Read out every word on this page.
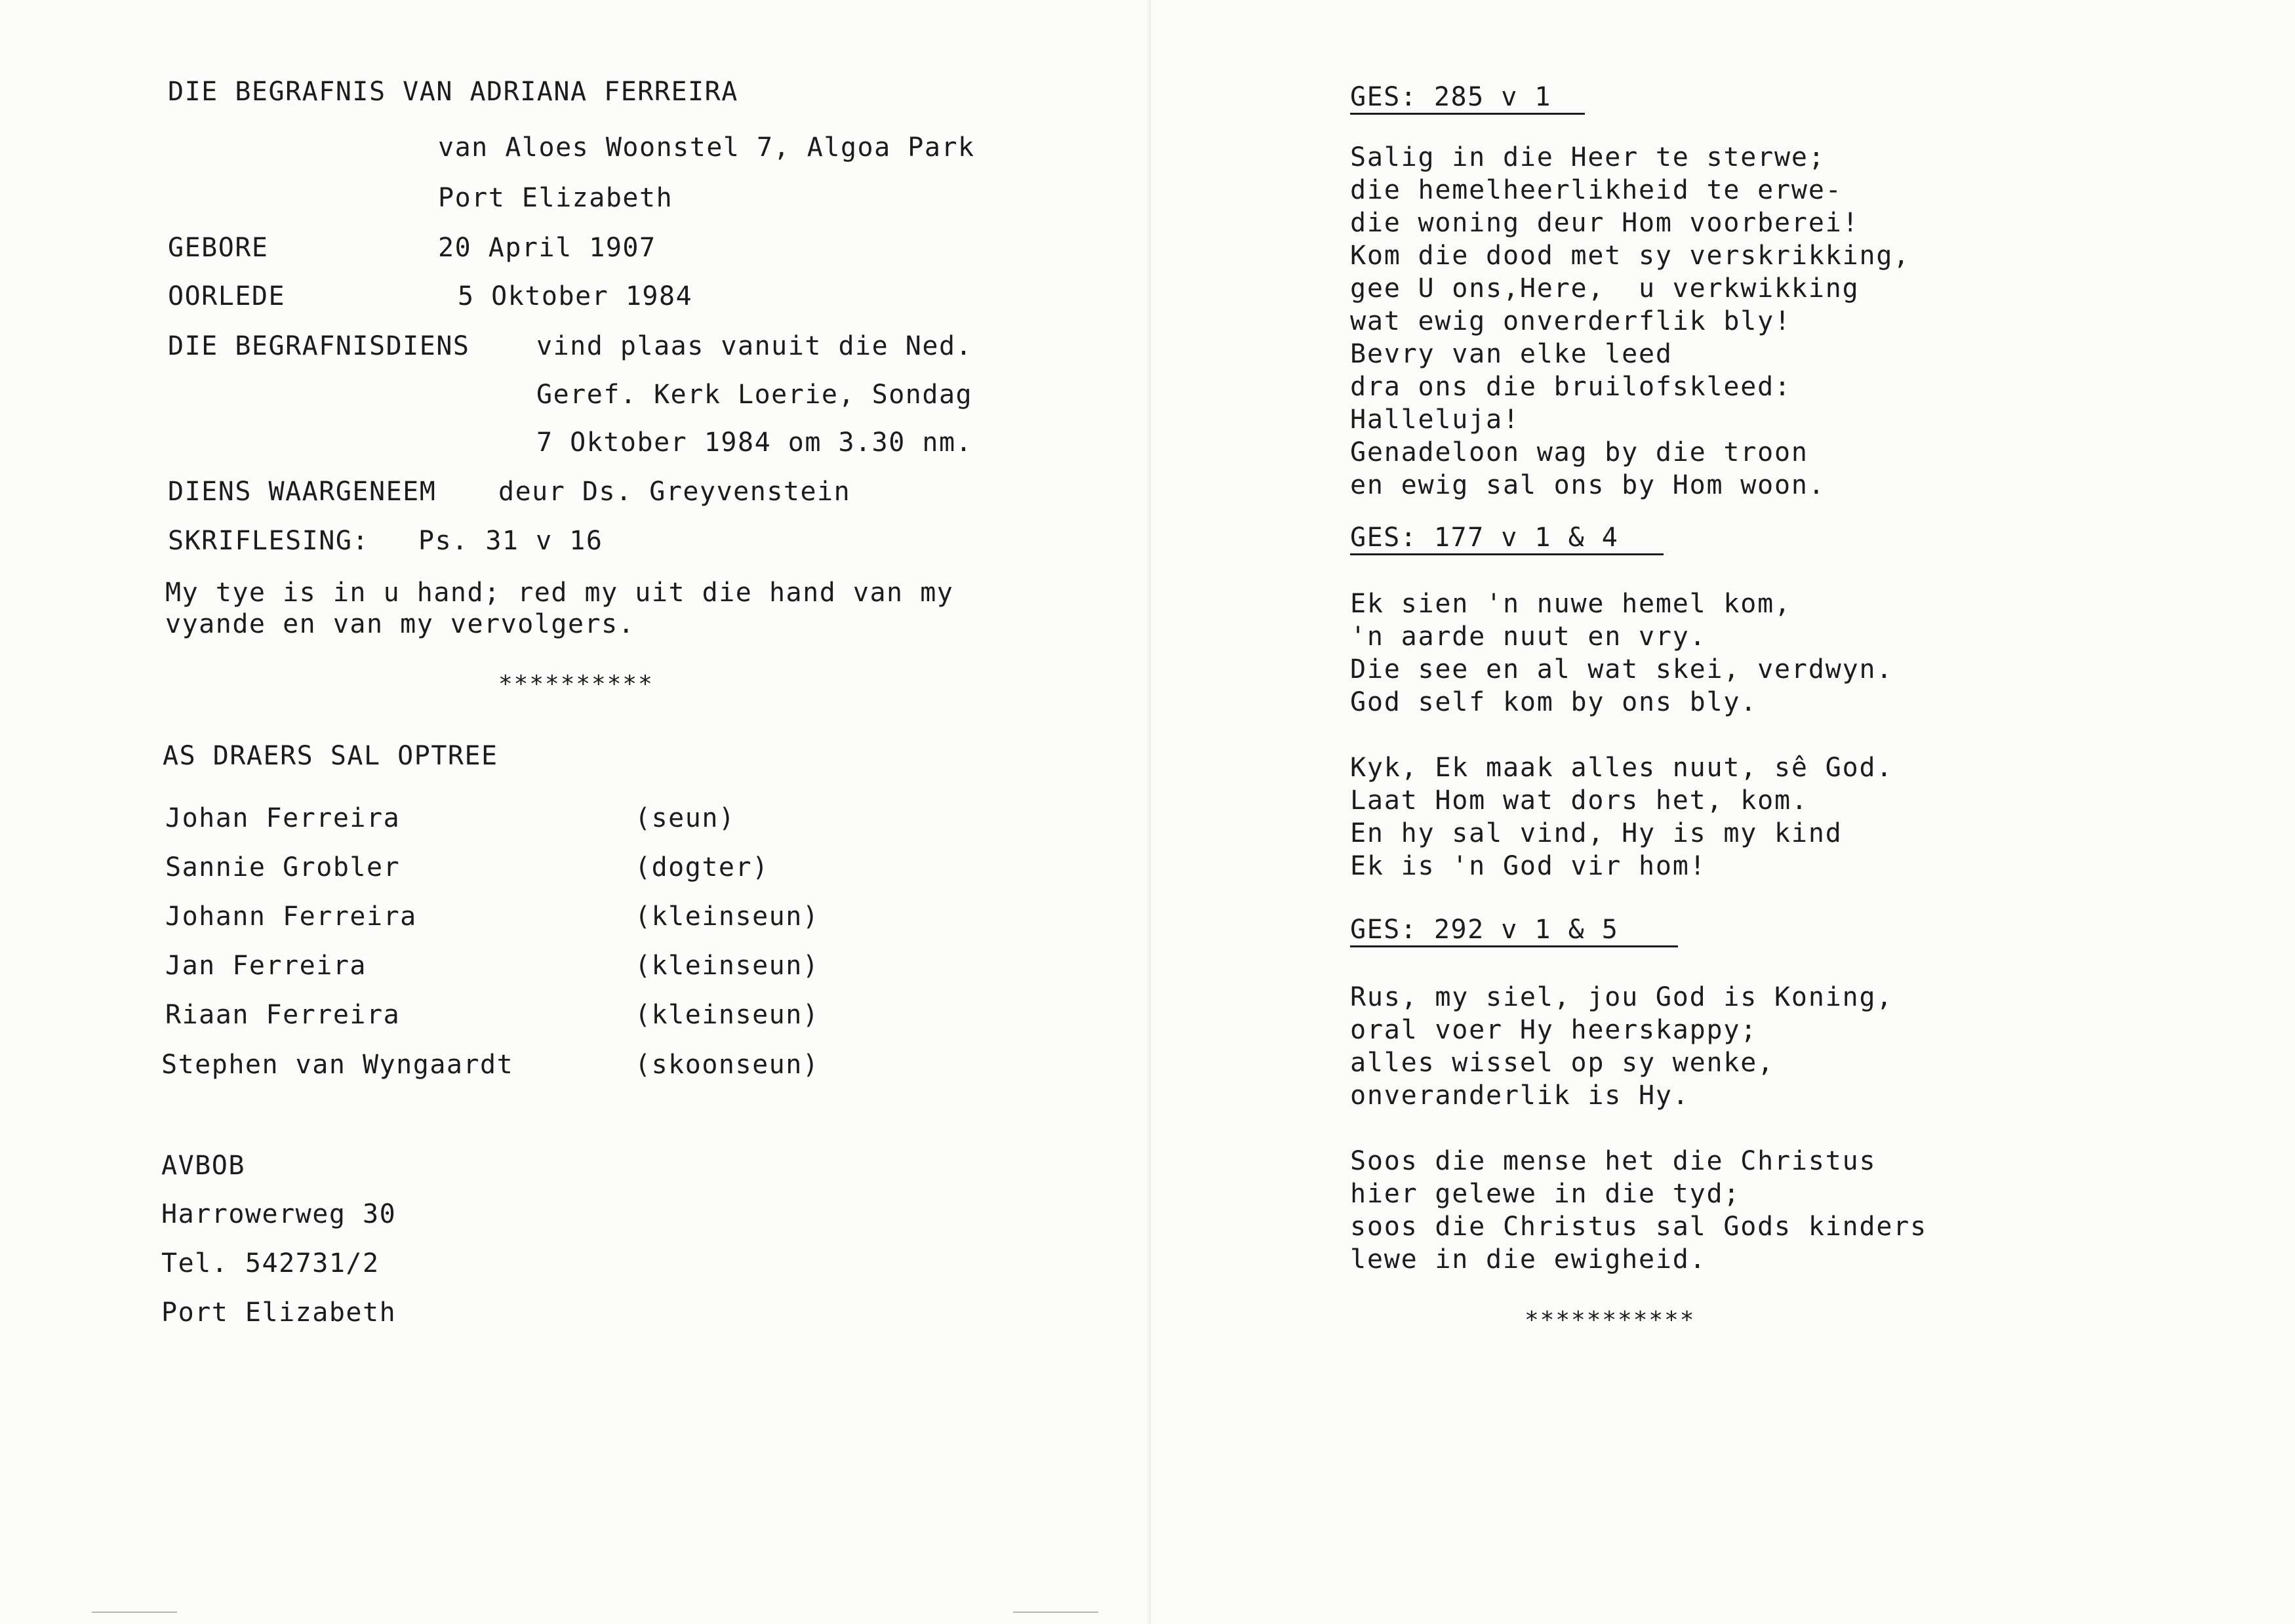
DIE BEGRAFNIS VAN ADRIANA FERREIRA
van Aloes Woonstel 7, Algoa Park
Port Elizabeth
GEBORE	20 April 1907
OORLEDE	5 Oktober 1984
DIE BEGRAFNISDIENS	vind plaas vanuit die Ned.
Geref. Kerk Loerie, Sondag
7 Oktober 1984 om 3.30 nm.
DIENS WAARGENEEM deur Ds. Greyvenstein
SKRIFLESING: Ps. 31 v 16
My tye is in u hand; red my uit die hand van my
vyande en van my vervolgers.
**********
AS DRAERS SAL OPTREE
Johan Ferreira	(seun)
Sannie Grobler	(dogter)
Johann Ferreira	(kleinseun)
Jan Ferreira	(kleinseun)
Riaan Ferreira	(kleinseun)
Stephen van Wyngaardt	(skoonseun)
AVBOB
Harrowerweg 30
Tel. 542731/2
Port Elizabeth
GES: 285 v 1
Salig in die Heer te sterwe;
die hemelheerlikheid te erwe-
die woning deur Hom voorberei!
Kom die dood met sy verskrikking,
gee U ons,Here,  u verkwikking
wat ewig onverderflik bly!
Bevry van elke leed
dra ons die bruilofskleed:
Halleluja!
Genadeloon wag by die troon
en ewig sal ons by Hom woon.
GES: 177 v 1 & 4
Ek sien 'n nuwe hemel kom,
'n aarde nuut en vry.
Die see en al wat skei, verdwyn.
God self kom by ons bly.
Kyk, Ek maak alles nuut, sê God.
Laat Hom wat dors het, kom.
En hy sal vind, Hy is my kind
Ek is 'n God vir hom!
GES: 292 v 1 & 5
Rus, my siel, jou God is Koning,
oral voer Hy heerskappy;
alles wissel op sy wenke,
onveranderlik is Hy.
Soos die mense het die Christus
hier gelewe in die tyd;
soos die Christus sal Gods kinders
lewe in die ewigheid.
***********
